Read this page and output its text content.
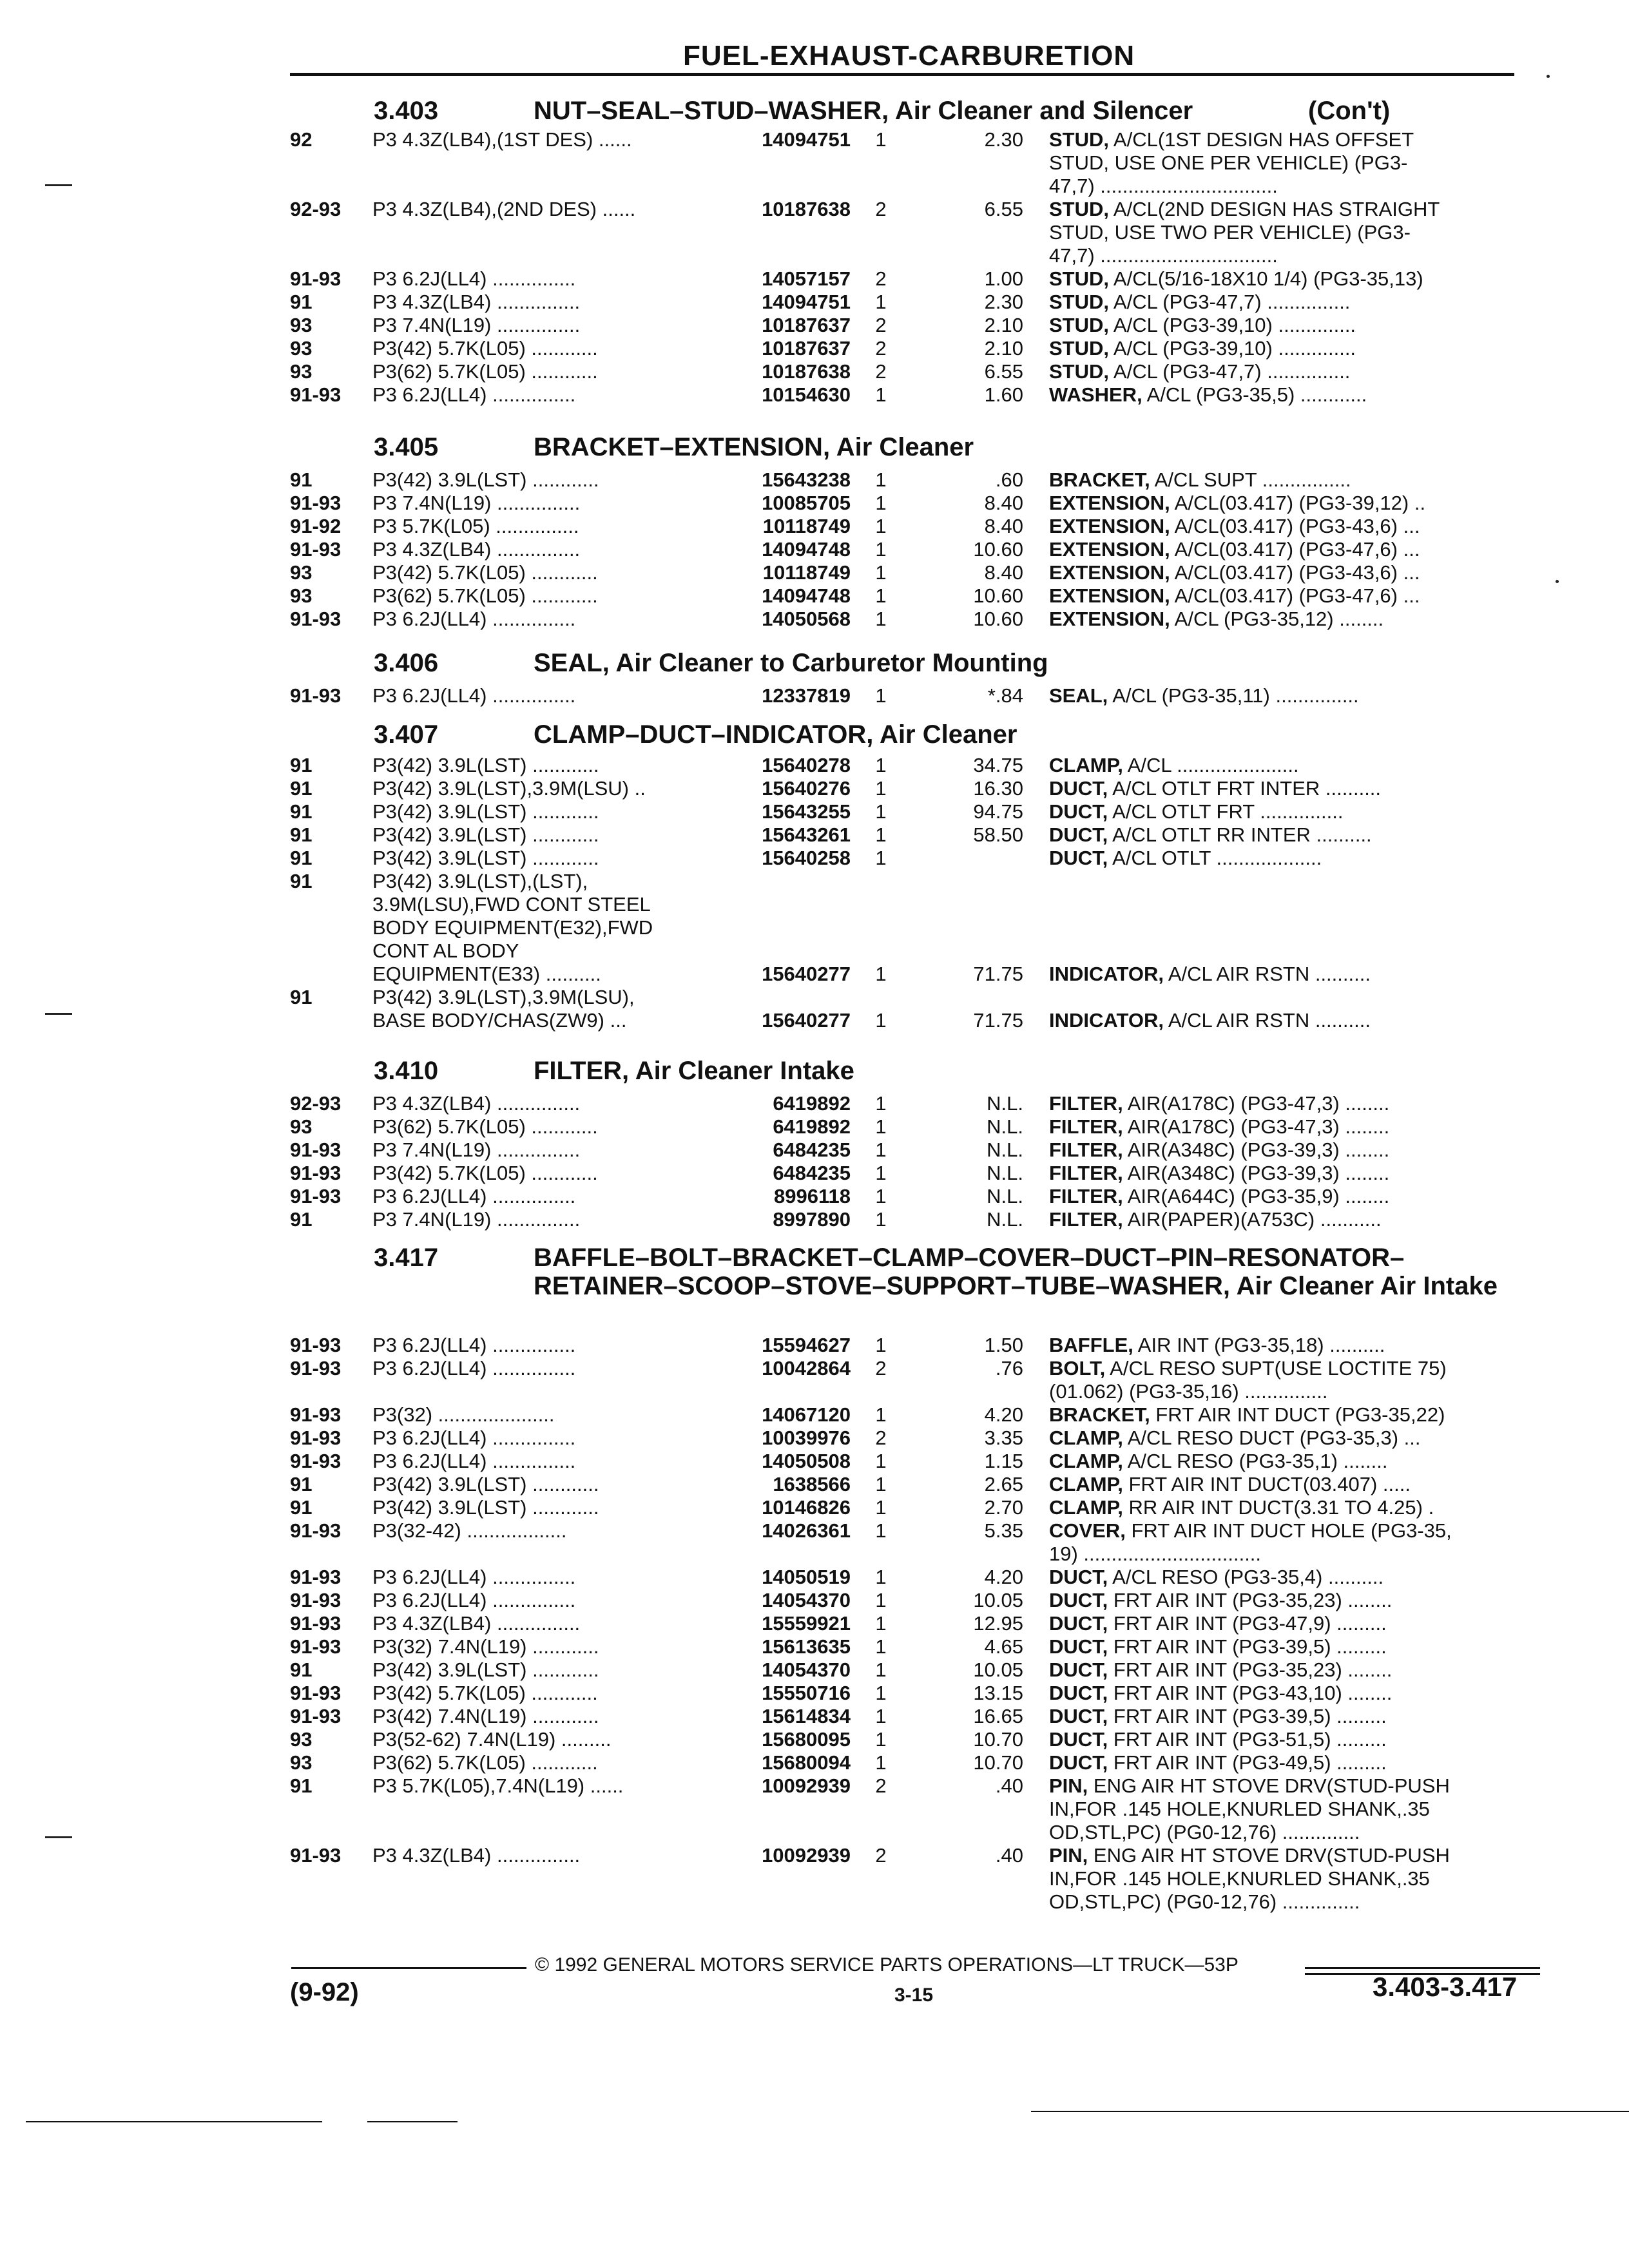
FUEL-EXHAUST-CARBURETION
3.403	NUT–SEAL–STUD–WASHER, Air Cleaner and Silencer	(Con't)
92	P3 4.3Z(LB4),(1ST DES) ......	14094751 1	2.30 STUD, A/CL(1ST DESIGN HAS OFFSET
STUD, USE ONE PER VEHICLE) (PG3-
47,7) ................................
92-93 P3 4.3Z(LB4),(2ND DES) ......	10187638 2	6.55 STUD, A/CL(2ND DESIGN HAS STRAIGHT
STUD, USE TWO PER VEHICLE) (PG3-
47,7) ................................
91-93 P3 6.2J(LL4) ...............	14057157 2	1.00 STUD, A/CL(5/16-18X10 1/4) (PG3-35,13)
91	P3 4.3Z(LB4) ...............	14094751 1	2.30 STUD, A/CL (PG3-47,7) ...............
93	P3 7.4N(L19) ...............	10187637 2	2.10 STUD, A/CL (PG3-39,10) ..............
93	P3(42) 5.7K(L05) ............	10187637 2	2.10 STUD, A/CL (PG3-39,10) ..............
93	P3(62) 5.7K(L05) ............	10187638 2	6.55 STUD, A/CL (PG3-47,7) ...............
91-93 P3 6.2J(LL4) ...............	10154630 1	1.60 WASHER, A/CL (PG3-35,5) ............
3.405	BRACKET–EXTENSION, Air Cleaner
91	P3(42) 3.9L(LST) ............	15643238 1	.60 BRACKET, A/CL SUPT ................
91-93 P3 7.4N(L19) ...............	10085705 1	8.40 EXTENSION, A/CL(03.417) (PG3-39,12) ..
91-92 P3 5.7K(L05) ...............	10118749 1	8.40 EXTENSION, A/CL(03.417) (PG3-43,6) ...
91-93 P3 4.3Z(LB4) ...............	14094748 1	10.60 EXTENSION, A/CL(03.417) (PG3-47,6) ...
93	P3(42) 5.7K(L05) ............	10118749 1	8.40 EXTENSION, A/CL(03.417) (PG3-43,6) ...
93	P3(62) 5.7K(L05) ............	14094748 1	10.60 EXTENSION, A/CL(03.417) (PG3-47,6) ...
91-93 P3 6.2J(LL4) ...............	14050568 1	10.60 EXTENSION, A/CL (PG3-35,12) ........
3.406	SEAL, Air Cleaner to Carburetor Mounting
91-93 P3 6.2J(LL4) ...............	12337819 1	*.84 SEAL, A/CL (PG3-35,11) ...............
3.407	CLAMP–DUCT–INDICATOR, Air Cleaner
91	P3(42) 3.9L(LST) ............	15640278 1	34.75 CLAMP, A/CL ......................
91	P3(42) 3.9L(LST),3.9M(LSU) ..	15640276 1	16.30 DUCT, A/CL OTLT FRT INTER ..........
91	P3(42) 3.9L(LST) ............	15643255 1	94.75 DUCT, A/CL OTLT FRT ...............
91	P3(42) 3.9L(LST) ............	15643261 1	58.50 DUCT, A/CL OTLT RR INTER ..........
91	P3(42) 3.9L(LST) ............	15640258 1	DUCT, A/CL OTLT ...................
91	P3(42) 3.9L(LST),(LST),
3.9M(LSU),FWD CONT STEEL
BODY EQUIPMENT(E32),FWD
CONT AL BODY
EQUIPMENT(E33) ..........	15640277 1	71.75 INDICATOR, A/CL AIR RSTN ..........
91	P3(42) 3.9L(LST),3.9M(LSU),
BASE BODY/CHAS(ZW9) ...	15640277 1	71.75 INDICATOR, A/CL AIR RSTN ..........
3.410	FILTER, Air Cleaner Intake
92-93 P3 4.3Z(LB4) ...............	6419892 1	N.L. FILTER, AIR(A178C) (PG3-47,3) ........
93	P3(62) 5.7K(L05) ............	6419892 1	N.L. FILTER, AIR(A178C) (PG3-47,3) ........
91-93 P3 7.4N(L19) ...............	6484235 1	N.L. FILTER, AIR(A348C) (PG3-39,3) ........
91-93 P3(42) 5.7K(L05) ............	6484235 1	N.L. FILTER, AIR(A348C) (PG3-39,3) ........
91-93 P3 6.2J(LL4) ...............	8996118 1	N.L. FILTER, AIR(A644C) (PG3-35,9) ........
91	P3 7.4N(L19) ...............	8997890 1	N.L. FILTER, AIR(PAPER)(A753C) ...........
3.417	BAFFLE–BOLT–BRACKET–CLAMP–COVER–DUCT–PIN–RESONATOR–RETAINER–SCOOP–STOVE–SUPPORT–TUBE–WASHER, Air Cleaner Air Intake
91-93 P3 6.2J(LL4) ...............	15594627 1	1.50 BAFFLE, AIR INT (PG3-35,18) ..........
91-93 P3 6.2J(LL4) ...............	10042864 2	.76 BOLT, A/CL RESO SUPT(USE LOCTITE 75)
(01.062) (PG3-35,16) ...............
91-93 P3(32) .....................	14067120 1	4.20 BRACKET, FRT AIR INT DUCT (PG3-35,22)
91-93 P3 6.2J(LL4) ...............	10039976 2	3.35 CLAMP, A/CL RESO DUCT (PG3-35,3) ...
91-93 P3 6.2J(LL4) ...............	14050508 1	1.15 CLAMP, A/CL RESO (PG3-35,1) ........
91	P3(42) 3.9L(LST) ............	1638566 1	2.65 CLAMP, FRT AIR INT DUCT(03.407) .....
91	P3(42) 3.9L(LST) ............	10146826 1	2.70 CLAMP, RR AIR INT DUCT(3.31 TO 4.25) .
91-93 P3(32-42) ..................	14026361 1	5.35 COVER, FRT AIR INT DUCT HOLE (PG3-35,
19) ................................
91-93 P3 6.2J(LL4) ...............	14050519 1	4.20 DUCT, A/CL RESO (PG3-35,4) ..........
91-93 P3 6.2J(LL4) ...............	14054370 1	10.05 DUCT, FRT AIR INT (PG3-35,23) ........
91-93 P3 4.3Z(LB4) ...............	15559921 1	12.95 DUCT, FRT AIR INT (PG3-47,9) .........
91-93 P3(32) 7.4N(L19) ............	15613635 1	4.65 DUCT, FRT AIR INT (PG3-39,5) .........
91	P3(42) 3.9L(LST) ............	14054370 1	10.05 DUCT, FRT AIR INT (PG3-35,23) ........
91-93 P3(42) 5.7K(L05) ............	15550716 1	13.15 DUCT, FRT AIR INT (PG3-43,10) ........
91-93 P3(42) 7.4N(L19) ............	15614834 1	16.65 DUCT, FRT AIR INT (PG3-39,5) .........
93	P3(52-62) 7.4N(L19) .........	15680095 1	10.70 DUCT, FRT AIR INT (PG3-51,5) .........
93	P3(62) 5.7K(L05) ............	15680094 1	10.70 DUCT, FRT AIR INT (PG3-49,5) .........
91	P3 5.7K(L05),7.4N(L19) ......	10092939 2	.40 PIN, ENG AIR HT STOVE DRV(STUD-PUSH
IN,FOR .145 HOLE,KNURLED SHANK,.35
OD,STL,PC) (PG0-12,76) ..............
91-93 P3 4.3Z(LB4) ...............	10092939 2	.40 PIN, ENG AIR HT STOVE DRV(STUD-PUSH
IN,FOR .145 HOLE,KNURLED SHANK,.35
OD,STL,PC) (PG0-12,76) ..............
© 1992 GENERAL MOTORS SERVICE PARTS OPERATIONS—LT TRUCK—53P
(9-92)	3-15	3.403-3.417
